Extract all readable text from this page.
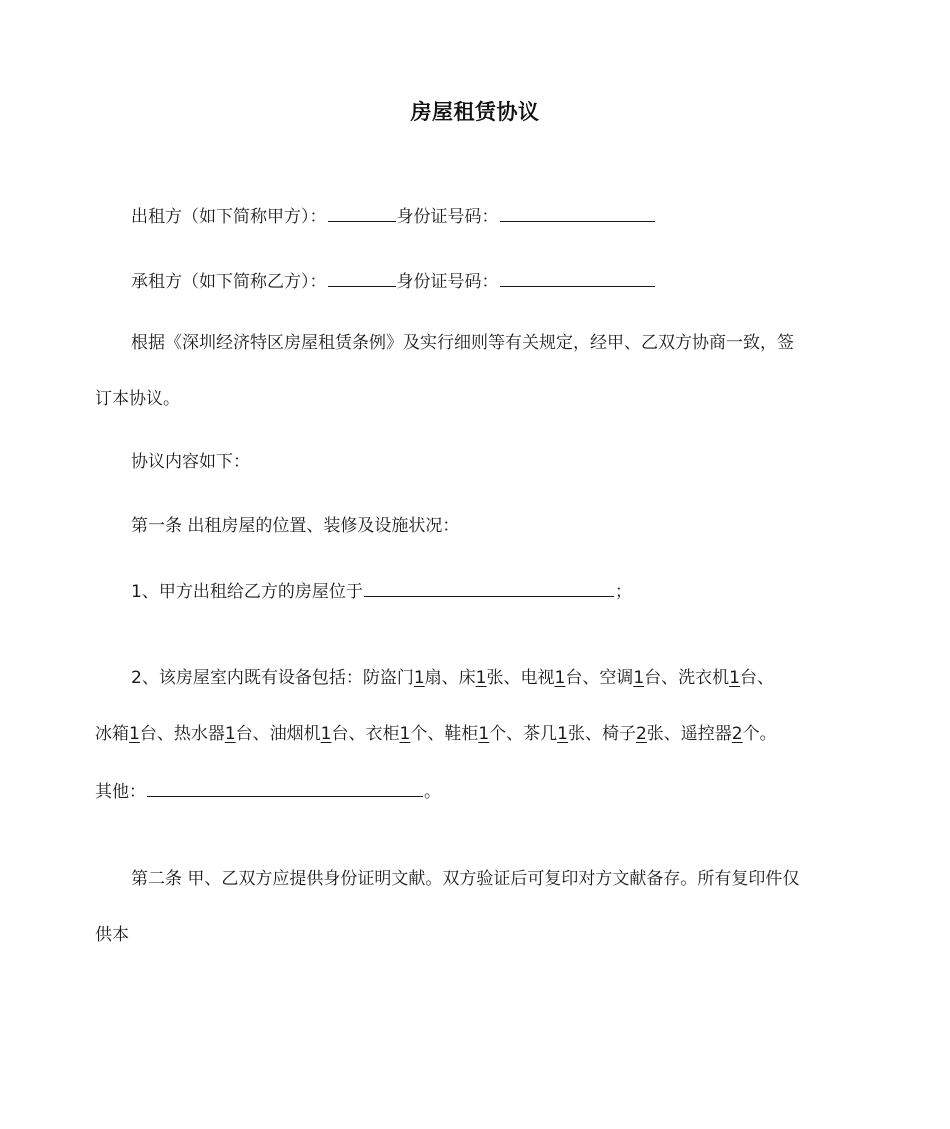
房屋租赁协议
出租方（如下简称甲方）：	身份证号码：
承租方（如下简称乙方）：	身份证号码：
根据《深圳经济特区房屋租赁条例》及实行细则等有关规定，经甲、乙双方协商一致，签
订本协议。
协议内容如下：
第一条 出租房屋的位置、装修及设施状况：
1、甲方出租给乙方的房屋位于	；
2、该房屋室内既有设备包括：防盗门1扇、床1张、电视1台、空调1台、洗衣机1台、
冰箱1台、热水器1台、油烟机1台、衣柜1个、鞋柜1个、茶几1张、椅子2张、遥控器2个。
其他：	。
第二条 甲、乙双方应提供身份证明文献。双方验证后可复印对方文献备存。所有复印件仅
供本
